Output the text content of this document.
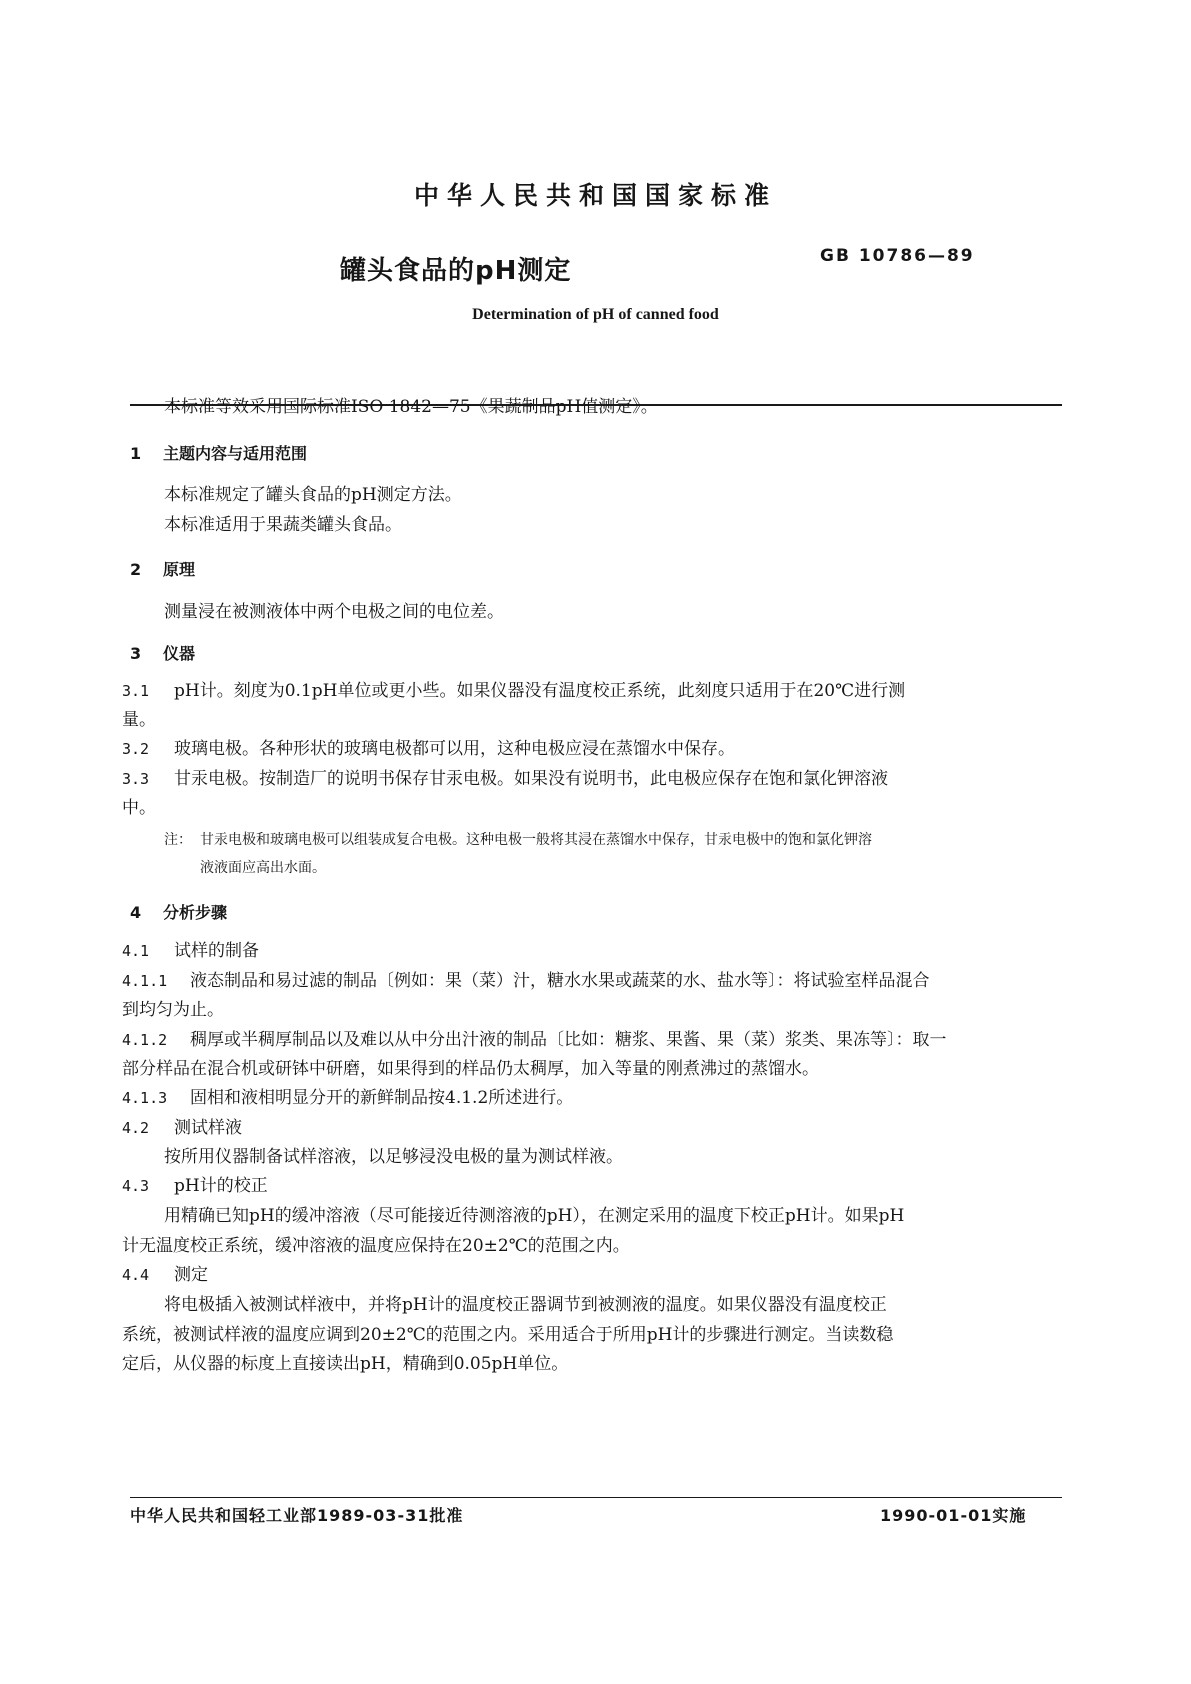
中华人民共和国国家标准
罐头食品的pH测定	GB 10786—89
Determination of pH of canned food
本标准等效采用国际标准ISO 1842—75《果蔬制品pH值测定》。
1 主题内容与适用范围
本标准规定了罐头食品的pH测定方法。
本标准适用于果蔬类罐头食品。
2 原理
测量浸在被测液体中两个电极之间的电位差。
3 仪器
3.1 pH计。刻度为0.1pH单位或更小些。如果仪器没有温度校正系统，此刻度只适用于在20℃进行测
量。
3.2 玻璃电极。各种形状的玻璃电极都可以用，这种电极应浸在蒸馏水中保存。
3.3 甘汞电极。按制造厂的说明书保存甘汞电极。如果没有说明书，此电极应保存在饱和氯化钾溶液
中。
注： 甘汞电极和玻璃电极可以组装成复合电极。这种电极一般将其浸在蒸馏水中保存，甘汞电极中的饱和氯化钾溶
液液面应高出水面。
4 分析步骤
4.1 试样的制备
4.1.1 液态制品和易过滤的制品〔例如：果（菜）汁，糖水水果或蔬菜的水、盐水等〕：将试验室样品混合
到均匀为止。
4.1.2 稠厚或半稠厚制品以及难以从中分出汁液的制品〔比如：糖浆、果酱、果（菜）浆类、果冻等〕：取一
部分样品在混合机或研钵中研磨，如果得到的样品仍太稠厚，加入等量的刚煮沸过的蒸馏水。
4.1.3 固相和液相明显分开的新鲜制品按4.1.2所述进行。
4.2 测试样液
按所用仪器制备试样溶液，以足够浸没电极的量为测试样液。
4.3 pH计的校正
用精确已知pH的缓冲溶液（尽可能接近待测溶液的pH），在测定采用的温度下校正pH计。如果pH
计无温度校正系统，缓冲溶液的温度应保持在20±2℃的范围之内。
4.4 测定
将电极插入被测试样液中，并将pH计的温度校正器调节到被测液的温度。如果仪器没有温度校正
系统，被测试样液的温度应调到20±2℃的范围之内。采用适合于所用pH计的步骤进行测定。当读数稳
定后，从仪器的标度上直接读出pH，精确到0.05pH单位。
中华人民共和国轻工业部1989-03-31批准	1990-01-01实施
